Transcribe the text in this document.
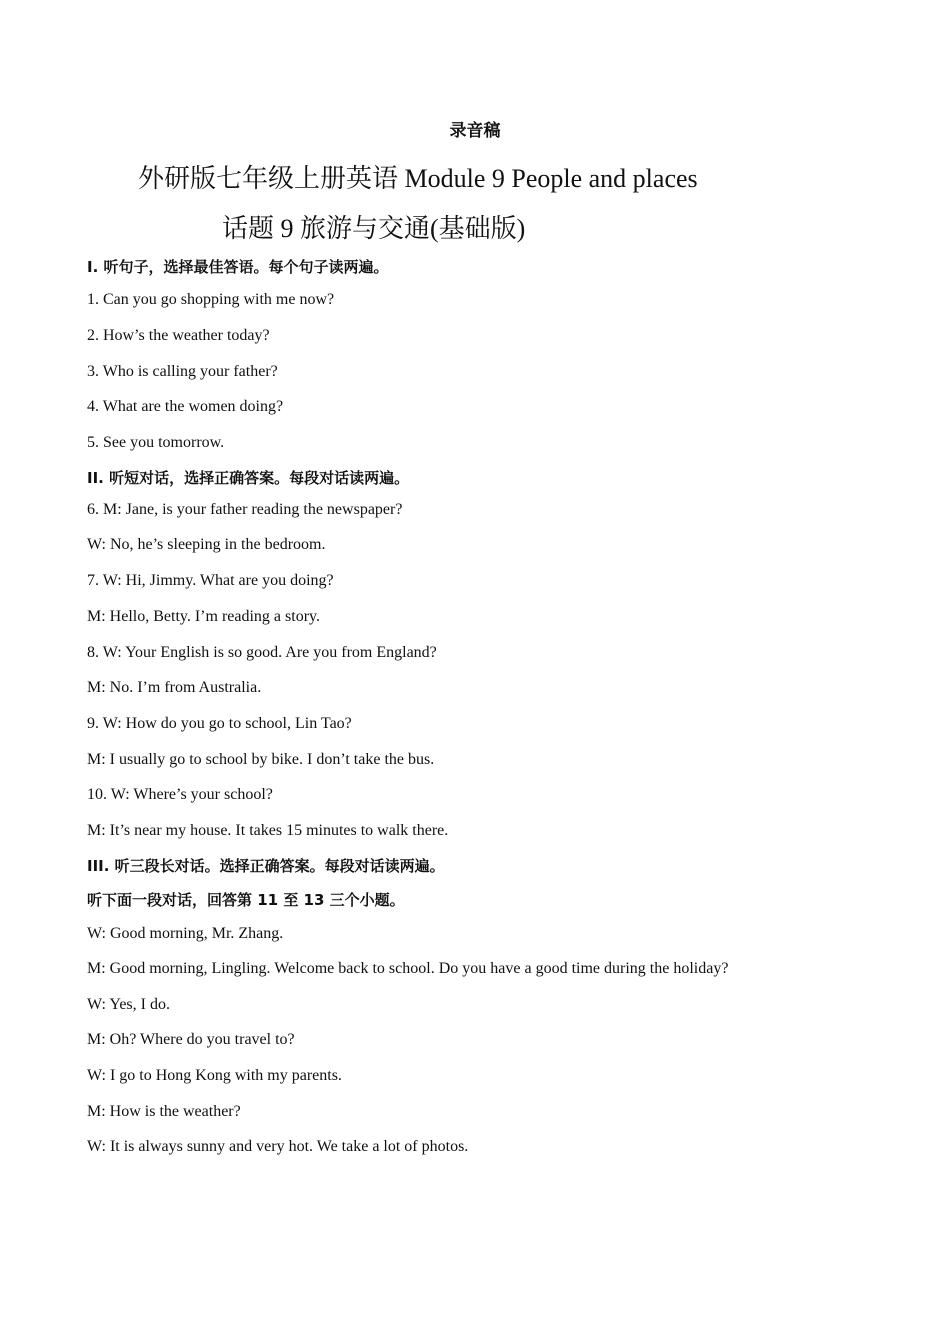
录音稿
外研版七年级上册英语 Module 9 People and places
话题 9 旅游与交通(基础版)
Ⅰ. 听句子，选择最佳答语。每个句子读两遍。
1. Can you go shopping with me now?
2. How’s the weather today?
3. Who is calling your father?
4. What are the women doing?
5. See you tomorrow.
II. 听短对话，选择正确答案。每段对话读两遍。
6. M: Jane, is your father reading the newspaper?
W: No, he’s sleeping in the bedroom.
7. W: Hi, Jimmy. What are you doing?
M: Hello, Betty. I’m reading a story.
8. W: Your English is so good. Are you from England?
M: No. I’m from Australia.
9. W: How do you go to school, Lin Tao?
M: I usually go to school by bike. I don’t take the bus.
10. W: Where’s your school?
M: It’s near my house. It takes 15 minutes to walk there.
III. 听三段长对话。选择正确答案。每段对话读两遍。
听下面一段对话，回答第 11 至 13 三个小题。
W: Good morning, Mr. Zhang.
M: Good morning, Lingling. Welcome back to school. Do you have a good time during the holiday?
W: Yes, I do.
M: Oh? Where do you travel to?
W: I go to Hong Kong with my parents.
M: How is the weather?
W: It is always sunny and very hot. We take a lot of photos.
